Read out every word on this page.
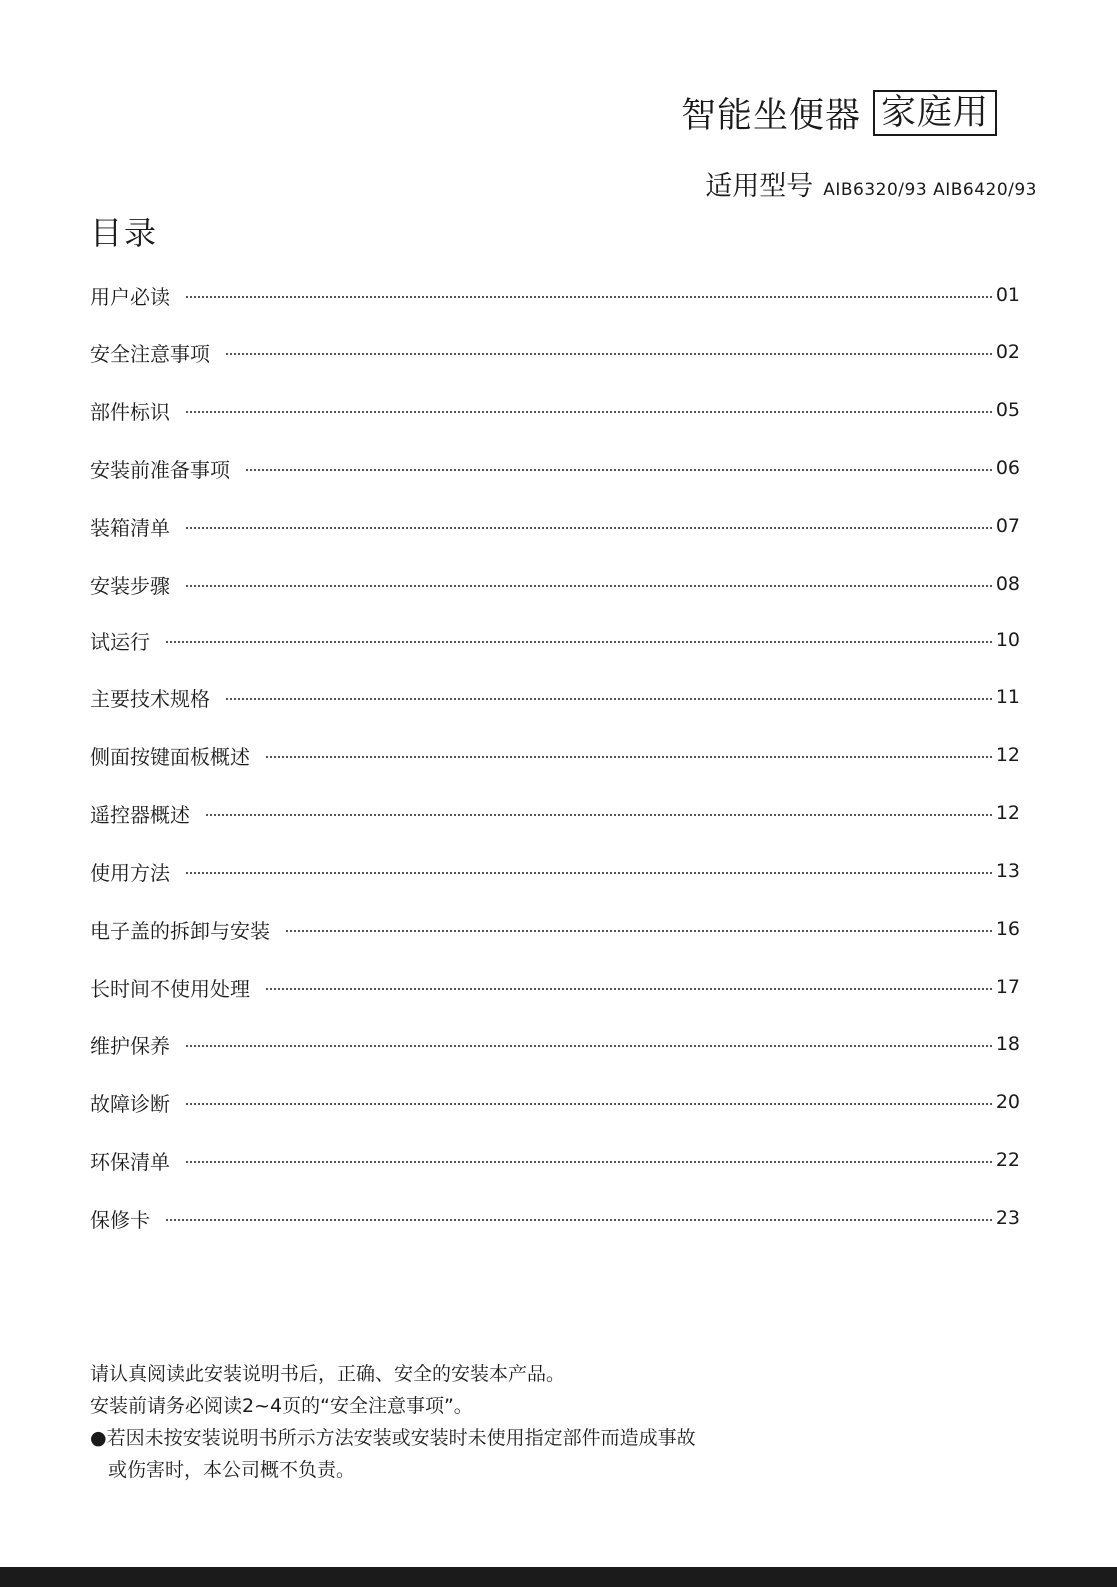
智能坐便器 家庭用
适用型号 AIB6320/93 AIB6420/93
目录
用户必读	01
安全注意事项	02
部件标识	05
安装前准备事项	06
装箱清单	07
安装步骤	08
试运行	10
主要技术规格	11
侧面按键面板概述	12
遥控器概述	12
使用方法	13
电子盖的拆卸与安装	16
长时间不使用处理	17
维护保养	18
故障诊断	20
环保清单	22
保修卡	23

请认真阅读此安装说明书后，正确、安全的安装本产品。

安装前请务必阅读2~4页的“安全注意事项”。

●若因未按安装说明书所示方法安装或安装时未使用指定部件而造成事故

或伤害时，本公司概不负责。
